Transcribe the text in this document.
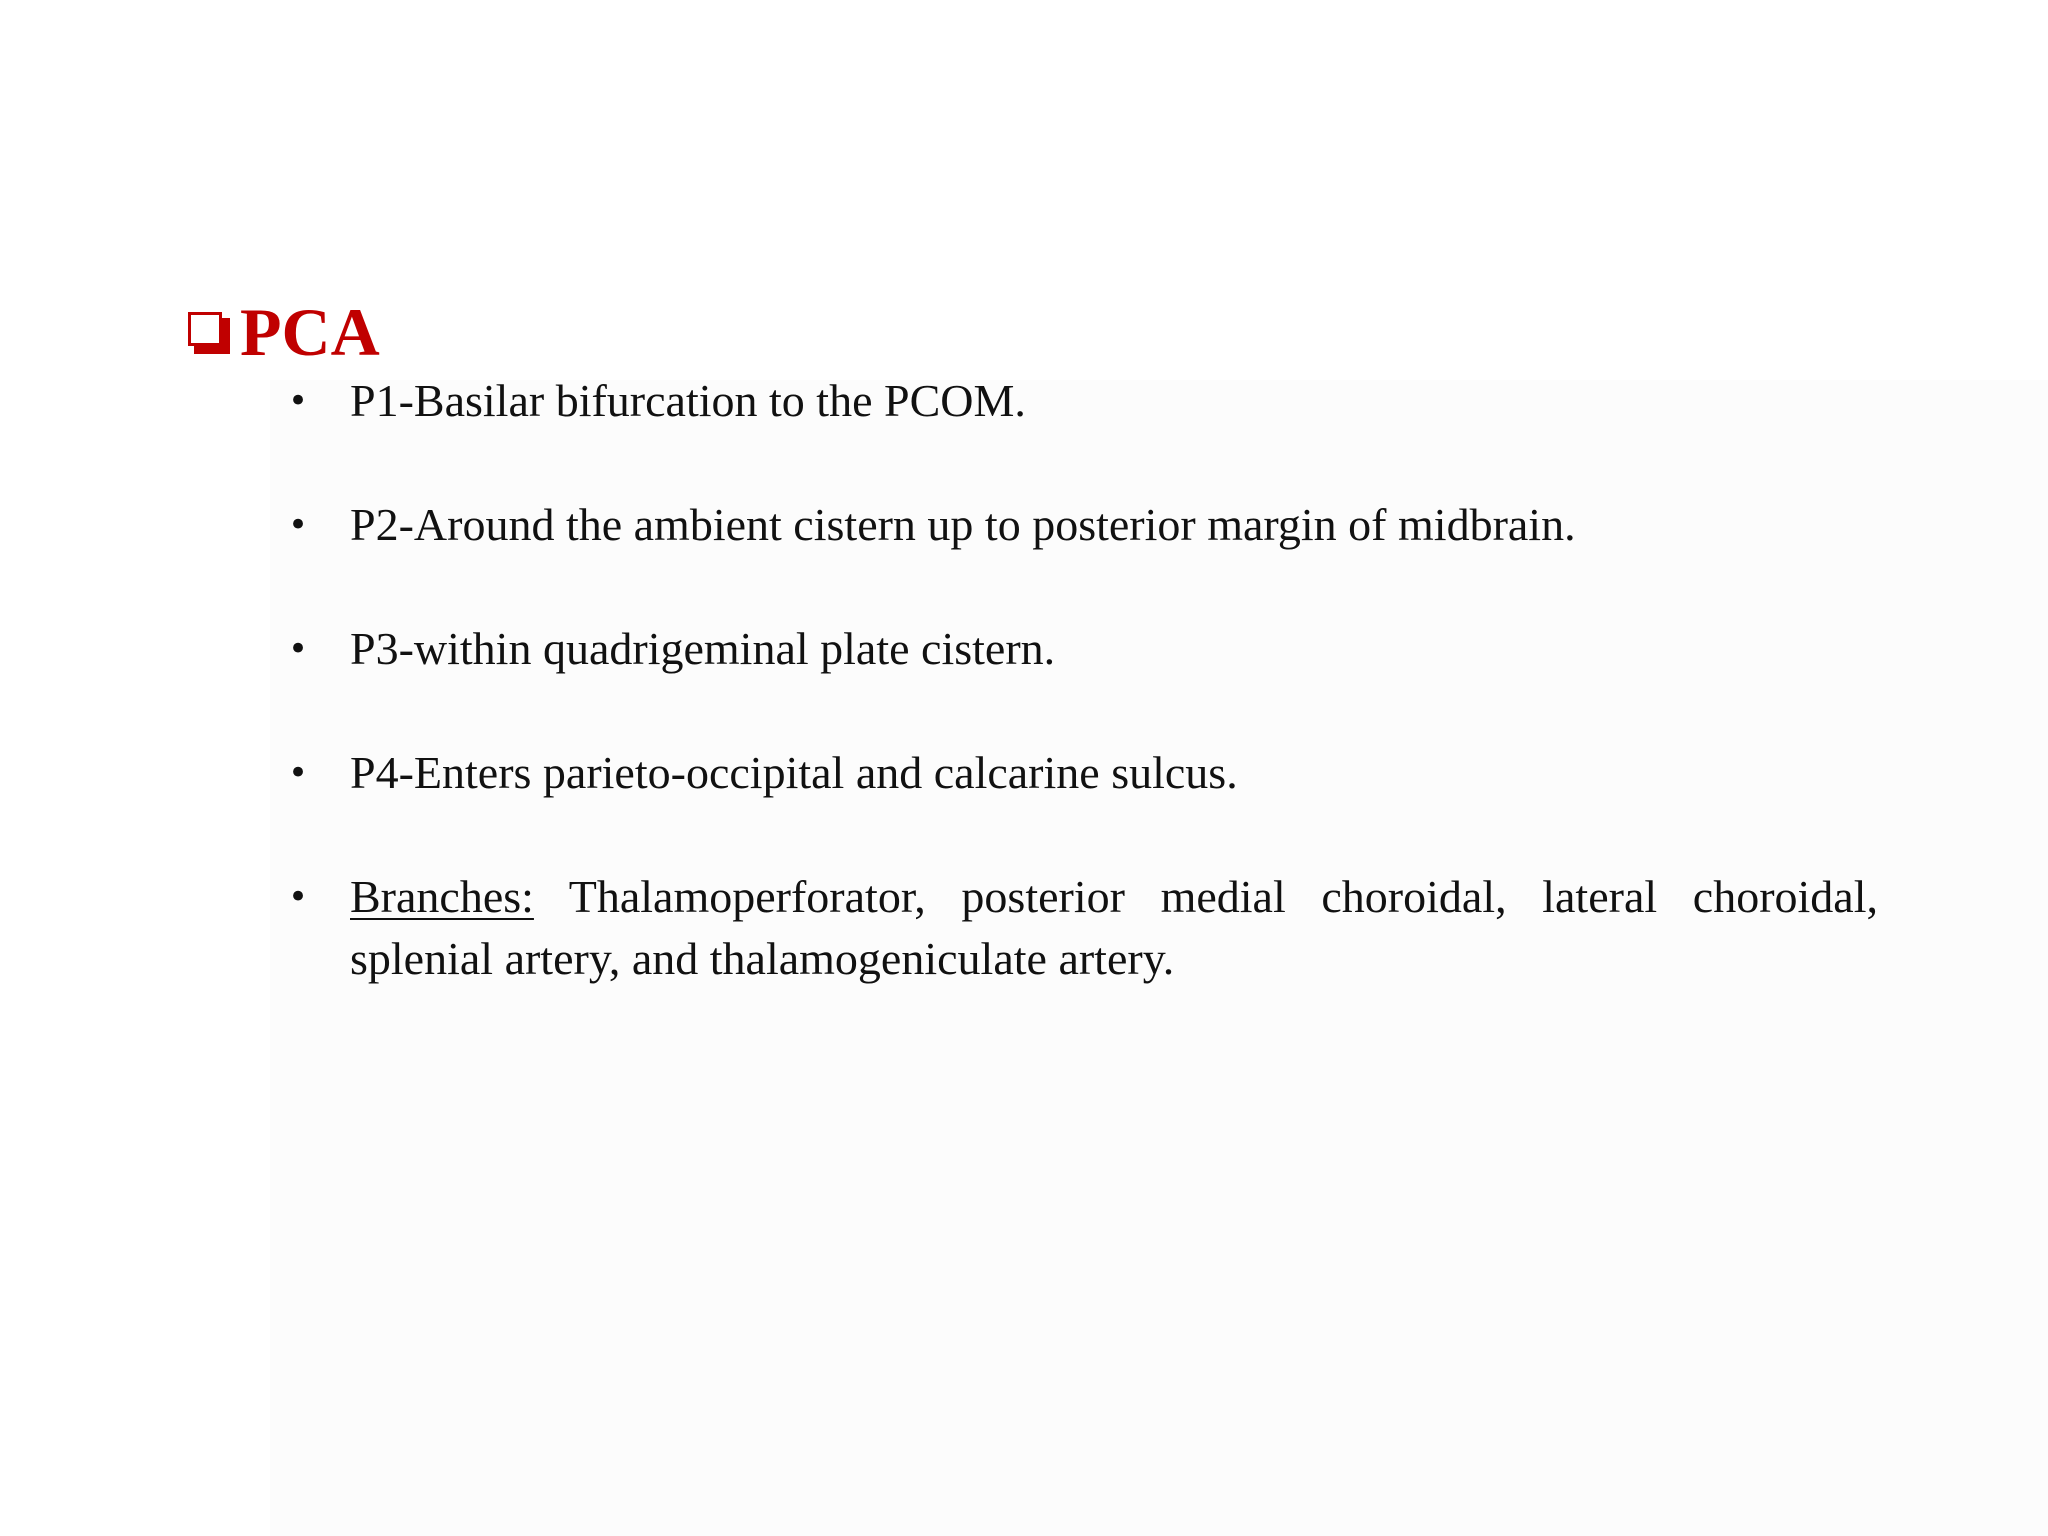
PCA
• P1-Basilar bifurcation to the PCOM.
• P2-Around the ambient cistern up to posterior margin of midbrain.
• P3-within quadrigeminal plate cistern.
• P4-Enters parieto-occipital and calcarine sulcus.
• Branches: Thalamoperforator, posterior medial choroidal, lateral choroidal, splenial artery, and thalamogeniculate artery.
